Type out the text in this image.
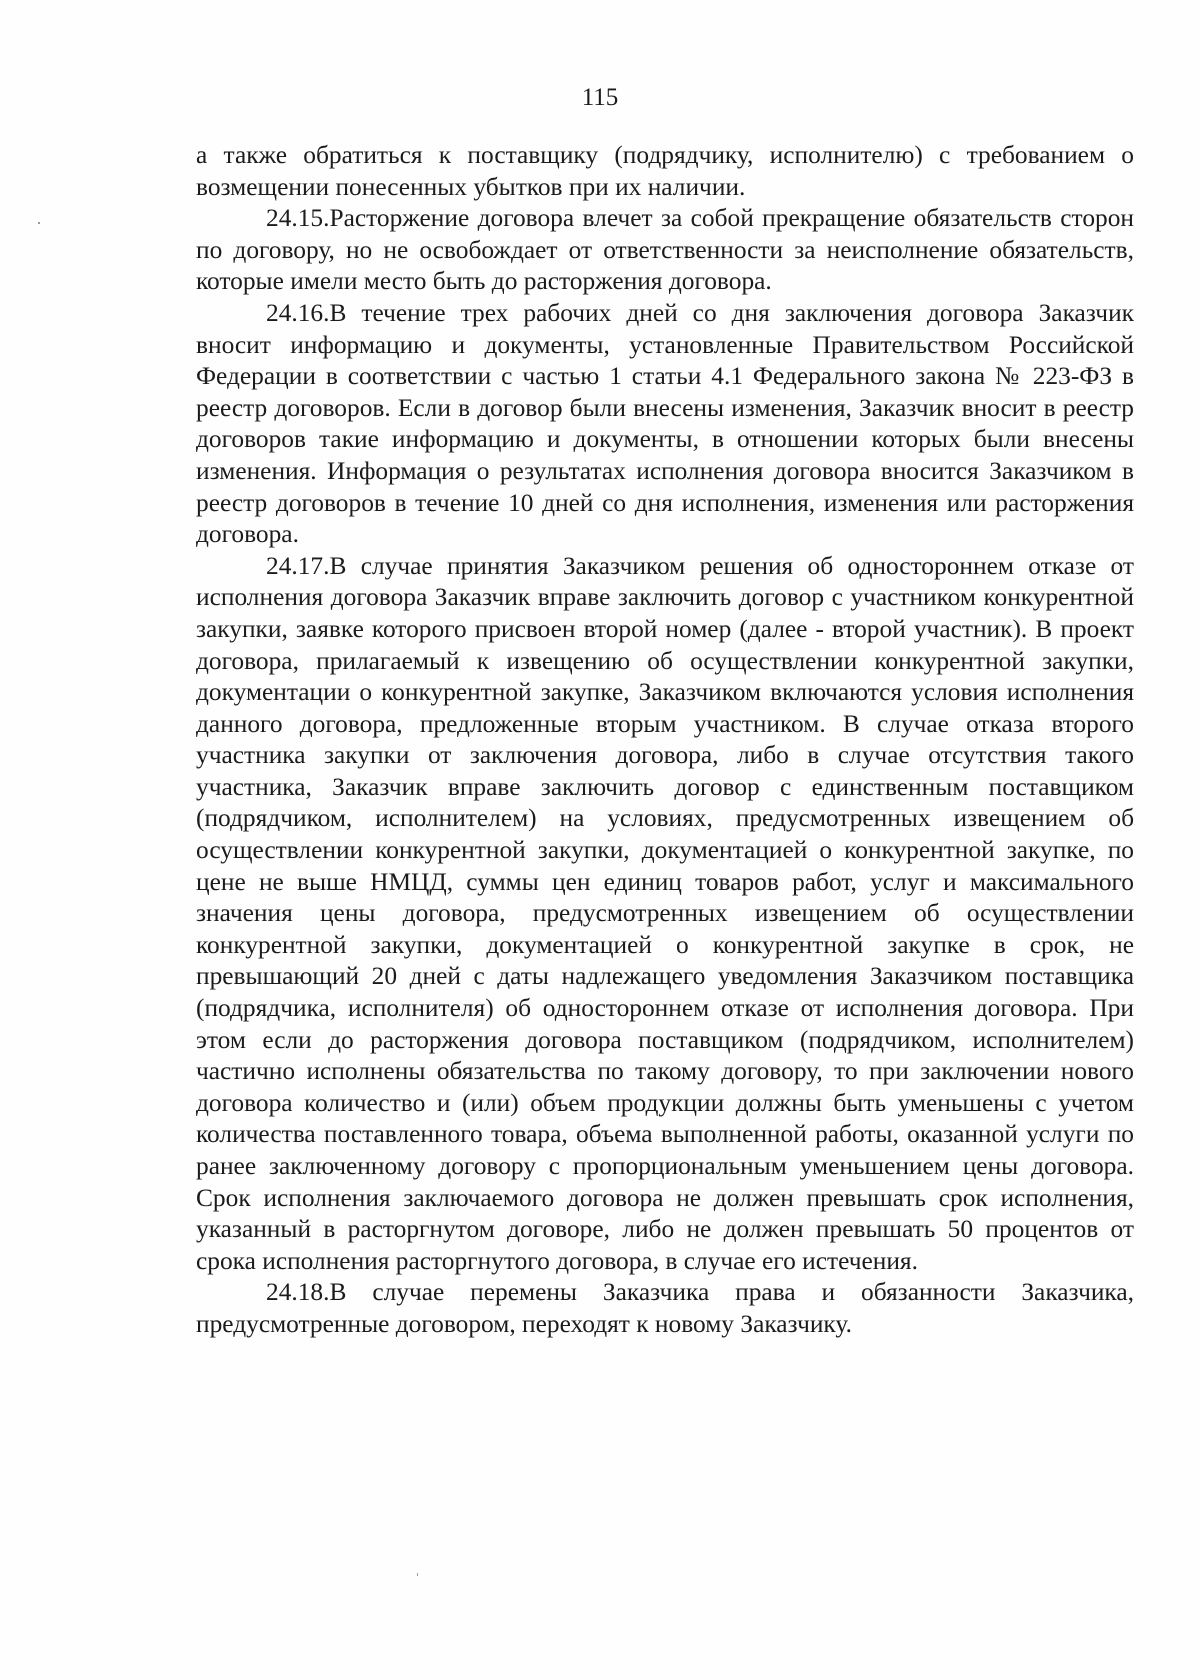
115

а также обратиться к поставщику (подрядчику, исполнителю) с требованием о возмещении понесенных убытков при их наличии.

24.15.Расторжение договора влечет за собой прекращение обязательств сторон по договору, но не освобождает от ответственности за неисполнение обязательств, которые имели место быть до расторжения договора.

24.16.В течение трех рабочих дней со дня заключения договора Заказчик вносит информацию и документы, установленные Правительством Российской Федерации в соответствии с частью 1 статьи 4.1 Федерального закона № 223-ФЗ в реестр договоров. Если в договор были внесены изменения, Заказчик вносит в реестр договоров такие информацию и документы, в отношении которых были внесены изменения. Информация о результатах исполнения договора вносится Заказчиком в реестр договоров в течение 10 дней со дня исполнения, изменения или расторжения договора.

24.17.В случае принятия Заказчиком решения об одностороннем отказе от исполнения договора Заказчик вправе заключить договор с участником конкурентной закупки, заявке которого присвоен второй номер (далее - второй участник). В проект договора, прилагаемый к извещению об осуществлении конкурентной закупки, документации о конкурентной закупке, Заказчиком включаются условия исполнения данного договора, предложенные вторым участником. В случае отказа второго участника закупки от заключения договора, либо в случае отсутствия такого участника, Заказчик вправе заключить договор с единственным поставщиком (подрядчиком, исполнителем) на условиях, предусмотренных извещением об осуществлении конкурентной закупки, документацией о конкурентной закупке, по цене не выше НМЦД, суммы цен единиц товаров работ, услуг и максимального значения цены договора, предусмотренных извещением об осуществлении конкурентной закупки, документацией о конкурентной закупке в срок, не превышающий 20 дней с даты надлежащего уведомления Заказчиком поставщика (подрядчика, исполнителя) об одностороннем отказе от исполнения договора. При этом если до расторжения договора поставщиком (подрядчиком, исполнителем) частично исполнены обязательства по такому договору, то при заключении нового договора количество и (или) объем продукции должны быть уменьшены с учетом количества поставленного товара, объема выполненной работы, оказанной услуги по ранее заключенному договору с пропорциональным уменьшением цены договора. Срок исполнения заключаемого договора не должен превышать срок исполнения, указанный в расторгнутом договоре, либо не должен превышать 50 процентов от срока исполнения расторгнутого договора, в случае его истечения.

24.18.В случае перемены Заказчика права и обязанности Заказчика, предусмотренные договором, переходят к новому Заказчику.
